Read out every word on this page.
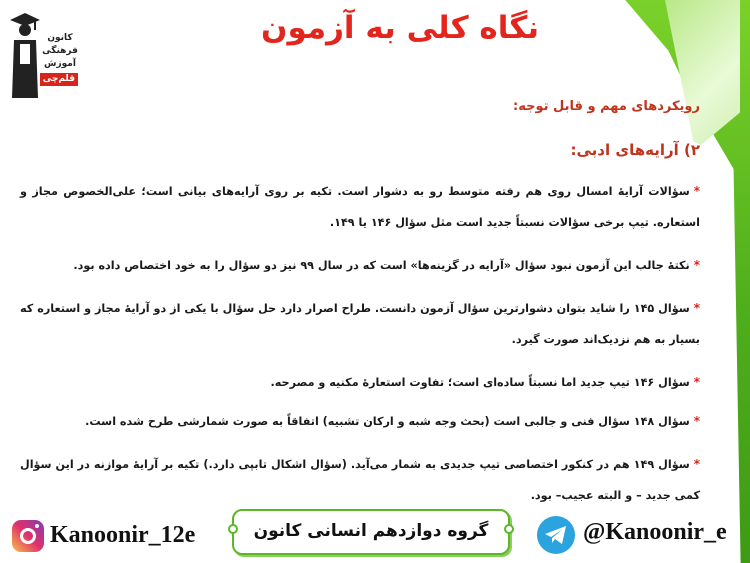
کانون
فرهنگی
آموزش
قلم‌چی
نگاه کلی به آزمون
رویکردهای مهم و قابل توجه:
۲) آرایه‌های ادبی:

*سؤالات آرایهٔ امسال روی هم رفته متوسط رو به دشوار است. تکیه بر روی آرایه‌های بیانی است؛ علی‌الخصوص مجاز و استعاره. تیپ برخی سؤالات نسبتاً جدید است مثل سؤال ۱۴۶ یا ۱۴۹.

*نکتهٔ جالب این آزمون نبود سؤال «آرایه در گزینه‌ها» است که در سال ۹۹ نیز دو سؤال را به خود اختصاص داده بود.

*سؤال ۱۴۵ را شاید بتوان دشوارترین سؤال آزمون دانست. طراح اصرار دارد حل سؤال با یکی از دو آرایهٔ مجاز و استعاره که بسیار به هم نزدیک‌اند صورت گیرد.

*سؤال ۱۴۶ تیپ جدید اما نسبتاً ساده‌ای است؛ تفاوت استعارهٔ مکنیه و مصرحه.

*سؤال ۱۴۸ سؤال فنی و جالبی است (بحث وجه شبه و ارکان تشبیه) اتفاقاً به صورت شمارشی طرح شده است.

*سؤال ۱۴۹ هم در کنکور اختصاصی تیپ جدیدی به شمار می‌آید. (سؤال اشکال تابپی دارد.) تکیه بر آرایهٔ موازنه در این سؤال کمی جدید – و البته عجیب– بود.

Kanoonir_12e	گروه دوازدهم انسانی کانون	@Kanoonir_e
